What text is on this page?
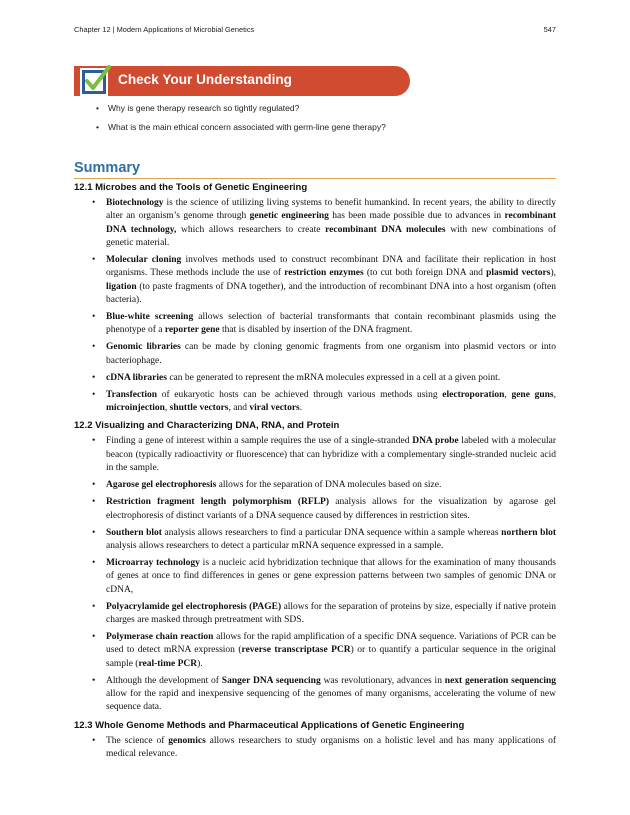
Chapter 12 | Modern Applications of Microbial Genetics	547
Check Your Understanding
• Why is gene therapy research so tightly regulated?
• What is the main ethical concern associated with germ-line gene therapy?
Summary
12.1 Microbes and the Tools of Genetic Engineering
• Biotechnology is the science of utilizing living systems to benefit humankind. In recent years, the ability to directly alter an organism’s genome through genetic engineering has been made possible due to advances in recombinant DNA technology, which allows researchers to create recombinant DNA molecules with new combinations of genetic material.
• Molecular cloning involves methods used to construct recombinant DNA and facilitate their replication in host organisms. These methods include the use of restriction enzymes (to cut both foreign DNA and plasmid vectors), ligation (to paste fragments of DNA together), and the introduction of recombinant DNA into a host organism (often bacteria).
• Blue-white screening allows selection of bacterial transformants that contain recombinant plasmids using the phenotype of a reporter gene that is disabled by insertion of the DNA fragment.
• Genomic libraries can be made by cloning genomic fragments from one organism into plasmid vectors or into bacteriophage.
• cDNA libraries can be generated to represent the mRNA molecules expressed in a cell at a given point.
• Transfection of eukaryotic hosts can be achieved through various methods using electroporation, gene guns, microinjection, shuttle vectors, and viral vectors.
12.2 Visualizing and Characterizing DNA, RNA, and Protein
• Finding a gene of interest within a sample requires the use of a single-stranded DNA probe labeled with a molecular beacon (typically radioactivity or fluorescence) that can hybridize with a complementary single-stranded nucleic acid in the sample.
• Agarose gel electrophoresis allows for the separation of DNA molecules based on size.
• Restriction fragment length polymorphism (RFLP) analysis allows for the visualization by agarose gel electrophoresis of distinct variants of a DNA sequence caused by differences in restriction sites.
• Southern blot analysis allows researchers to find a particular DNA sequence within a sample whereas northern blot analysis allows researchers to detect a particular mRNA sequence expressed in a sample.
• Microarray technology is a nucleic acid hybridization technique that allows for the examination of many thousands of genes at once to find differences in genes or gene expression patterns between two samples of genomic DNA or cDNA,
• Polyacrylamide gel electrophoresis (PAGE) allows for the separation of proteins by size, especially if native protein charges are masked through pretreatment with SDS.
• Polymerase chain reaction allows for the rapid amplification of a specific DNA sequence. Variations of PCR can be used to detect mRNA expression (reverse transcriptase PCR) or to quantify a particular sequence in the original sample (real-time PCR).
• Although the development of Sanger DNA sequencing was revolutionary, advances in next generation sequencing allow for the rapid and inexpensive sequencing of the genomes of many organisms, accelerating the volume of new sequence data.
12.3 Whole Genome Methods and Pharmaceutical Applications of Genetic Engineering
• The science of genomics allows researchers to study organisms on a holistic level and has many applications of medical relevance.
